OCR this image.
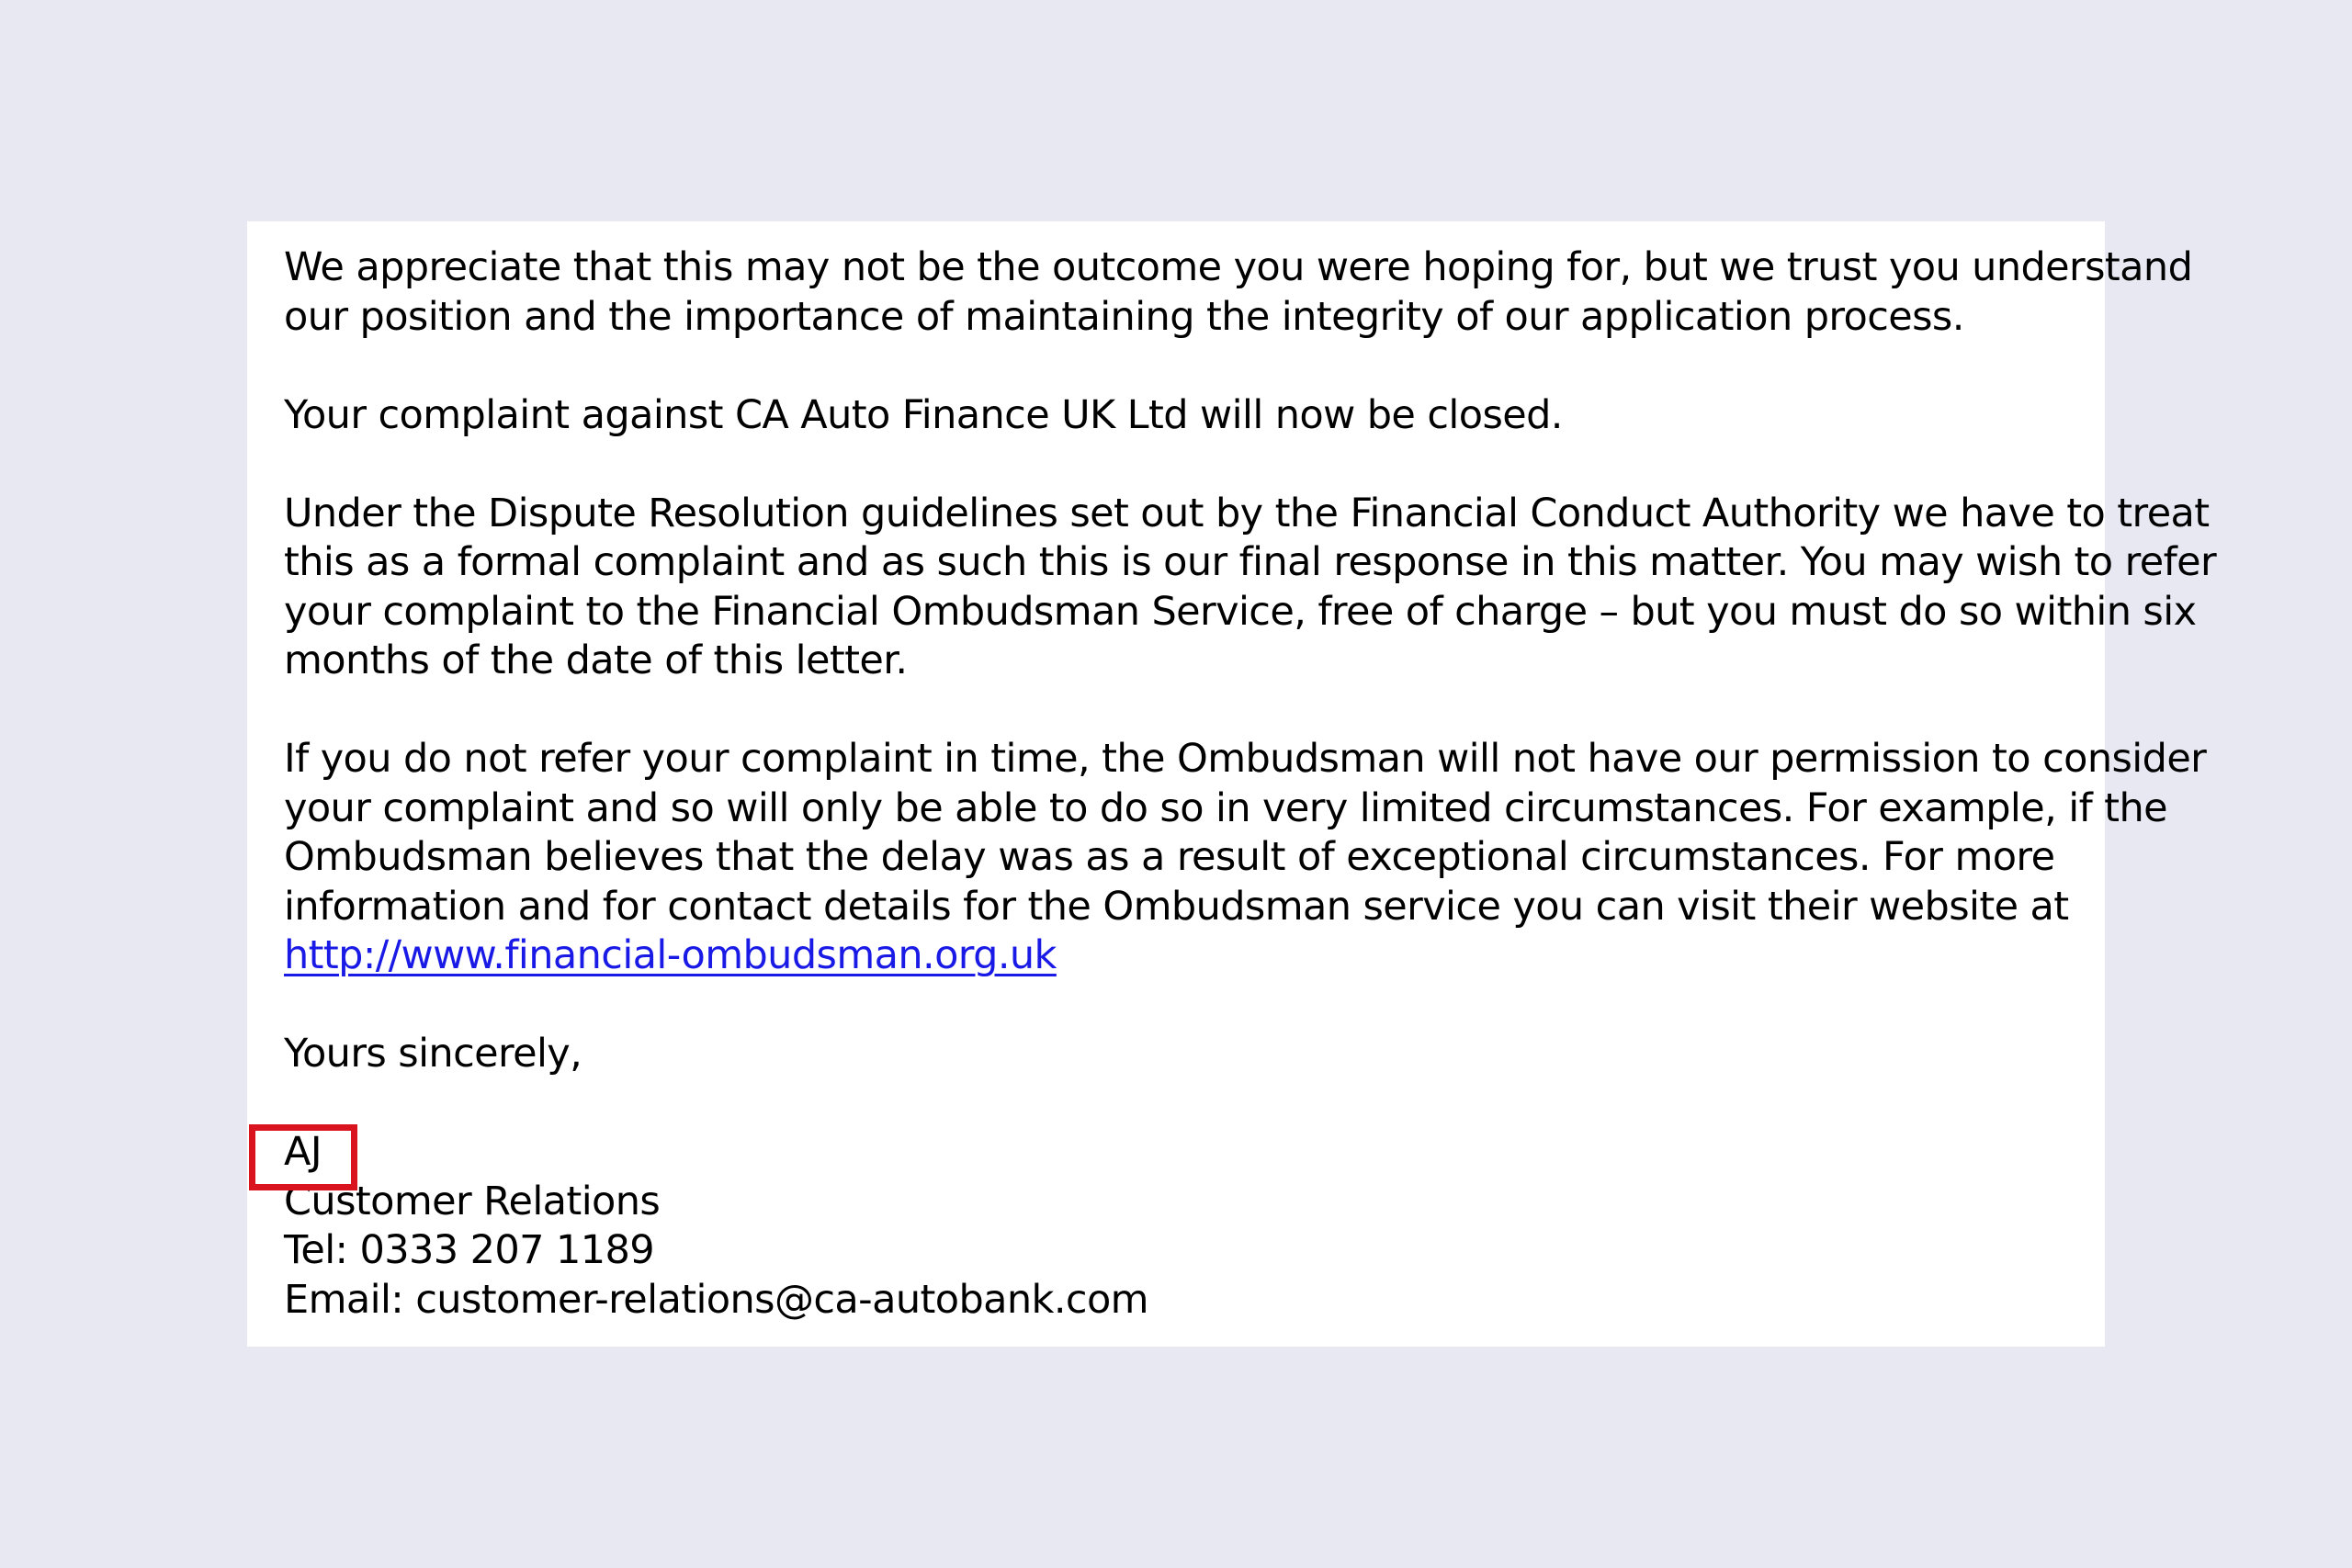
We appreciate that this may not be the outcome you were hoping for, but we trust you understand
our position and the importance of maintaining the integrity of our application process.
Your complaint against CA Auto Finance UK Ltd will now be closed.
Under the Dispute Resolution guidelines set out by the Financial Conduct Authority we have to treat
this as a formal complaint and as such this is our final response in this matter. You may wish to refer
your complaint to the Financial Ombudsman Service, free of charge – but you must do so within six
months of the date of this letter.
If you do not refer your complaint in time, the Ombudsman will not have our permission to consider
your complaint and so will only be able to do so in very limited circumstances. For example, if the
Ombudsman believes that the delay was as a result of exceptional circumstances. For more
information and for contact details for the Ombudsman service you can visit their website at
http://www.financial-ombudsman.org.uk
Yours sincerely,
AJ
Customer Relations
Tel: 0333 207 1189
Email: customer-relations@ca-autobank.com
